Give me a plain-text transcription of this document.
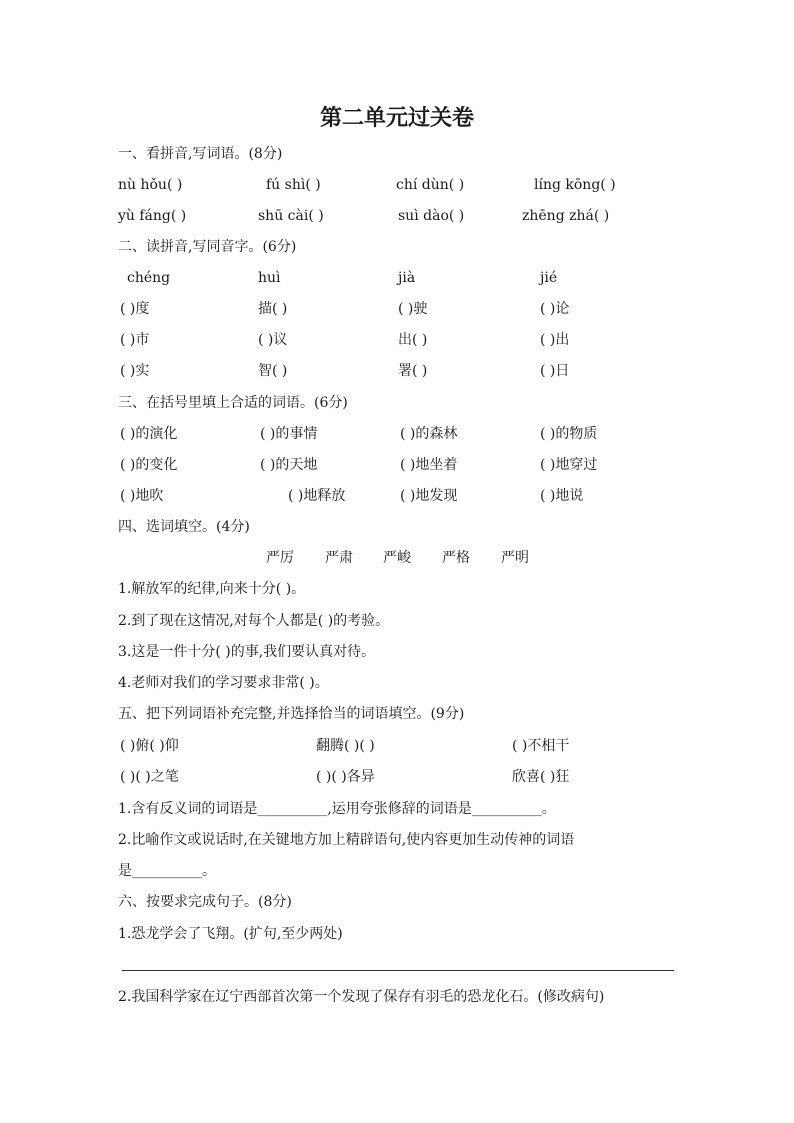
第二单元过关卷
一、看拼音,写词语。(8分)
nù hǒu( )	fú shì( )	chí dùn( )	líng kōng( )
yù fáng( )	shū cài( )	suì dào( )	zhēng zhá( )
二、读拼音,写同音字。(6分)
chéng	huì	jià	jié
( )度	描( )	( )驶	( )论
( )市	( )议	出( )	( )出
( )实	智( )	署( )	( )日
三、在括号里填上合适的词语。(6分)
( )的演化	( )的事情	( )的森林	( )的物质
( )的变化	( )的天地	( )地坐着	( )地穿过
( )地吹	( )地释放	( )地发现	( )地说
四、选词填空。(4分)
严厉 严肃 严峻 严格 严明
1.解放军的纪律,向来十分( )。
2.到了现在这情况,对每个人都是( )的考验。
3.这是一件十分( )的事,我们要认真对待。
4.老师对我们的学习要求非常( )。
五、把下列词语补充完整,并选择恰当的词语填空。(9分)
( )俯( )仰	翻腾( )( )	( )不相干
( )( )之笔	( )( )各异	欣喜( )狂
1.含有反义词的词语是__________,运用夸张修辞的词语是__________。
2.比喻作文或说话时,在关键地方加上精辟语句,使内容更加生动传神的词语
是__________。
六、按要求完成句子。(8分)
1.恐龙学会了飞翔。(扩句,至少两处)
2.我国科学家在辽宁西部首次第一个发现了保存有羽毛的恐龙化石。(修改病句)
